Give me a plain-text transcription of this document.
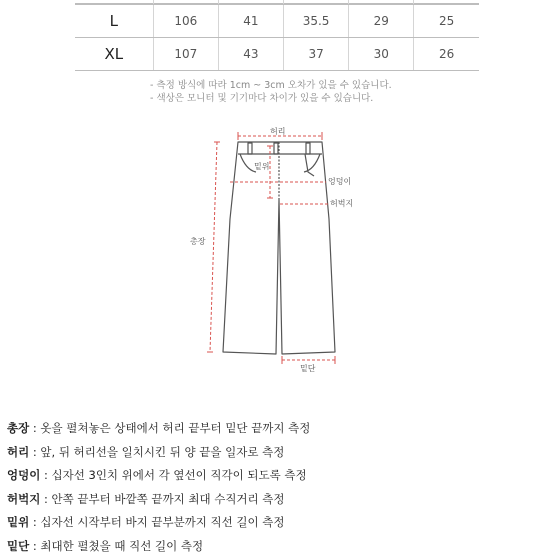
L	106	41	35.5	29	25
XL	107	43	37	30	26
- 측정 방식에 따라 1cm ~ 3cm 오차가 있을 수 있습니다.
- 색상은 모니터 및 기기마다 차이가 있을 수 있습니다.
허리
밑위
엉덩이
허벅지
총장
밑단
총장 : 옷을 펼쳐놓은 상태에서 허리 끝부터 밑단 끝까지 측정
허리 : 앞, 뒤 허리선을 일치시킨 뒤 양 끝을 일자로 측정
엉덩이 : 십자선 3인치 위에서 각 옆선이 직각이 되도록 측정
허벅지 : 안쪽 끝부터 바깥쪽 끝까지 최대 수직거리 측정
밑위 : 십자선 시작부터 바지 끝부분까지 직선 길이 측정
밑단 : 최대한 펼쳤을 때 직선 길이 측정
